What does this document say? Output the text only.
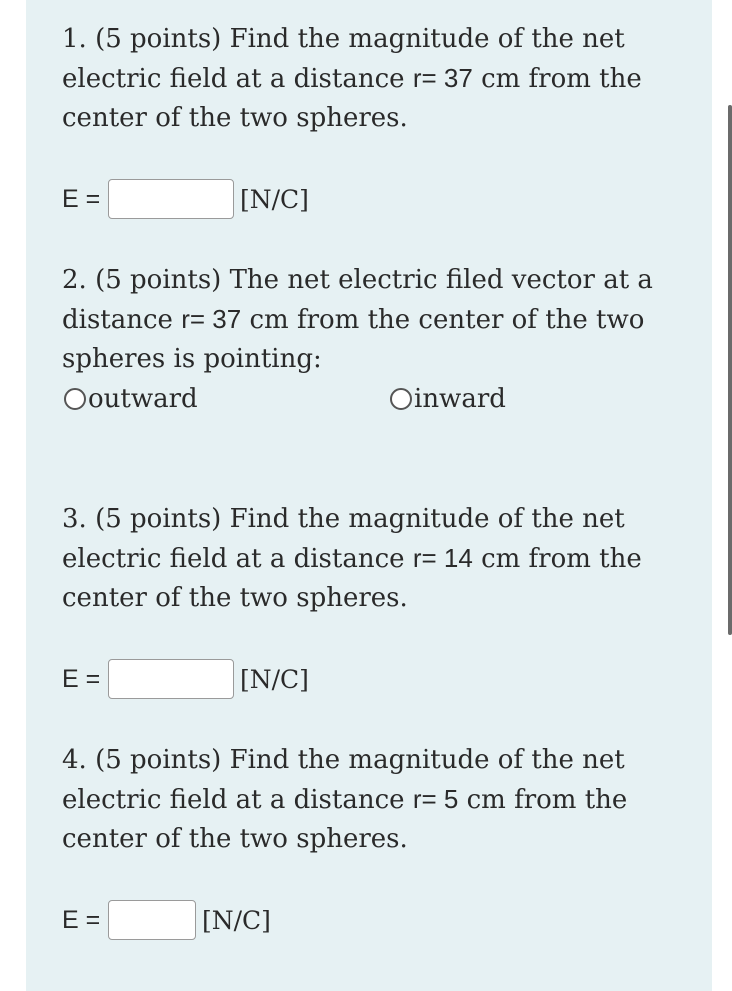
1. (5 points) Find the magnitude of the net electric field at a distance r= 37 cm from the center of the two spheres.

E =	[N/C]

2. (5 points) The net electric filed vector at a distance r= 37 cm from the center of the two spheres is pointing:

outward	inward

3. (5 points) Find the magnitude of the net electric field at a distance r= 14 cm from the center of the two spheres.

E =	[N/C]

4. (5 points) Find the magnitude of the net electric field at a distance r= 5 cm from the center of the two spheres.

E =	[N/C]
